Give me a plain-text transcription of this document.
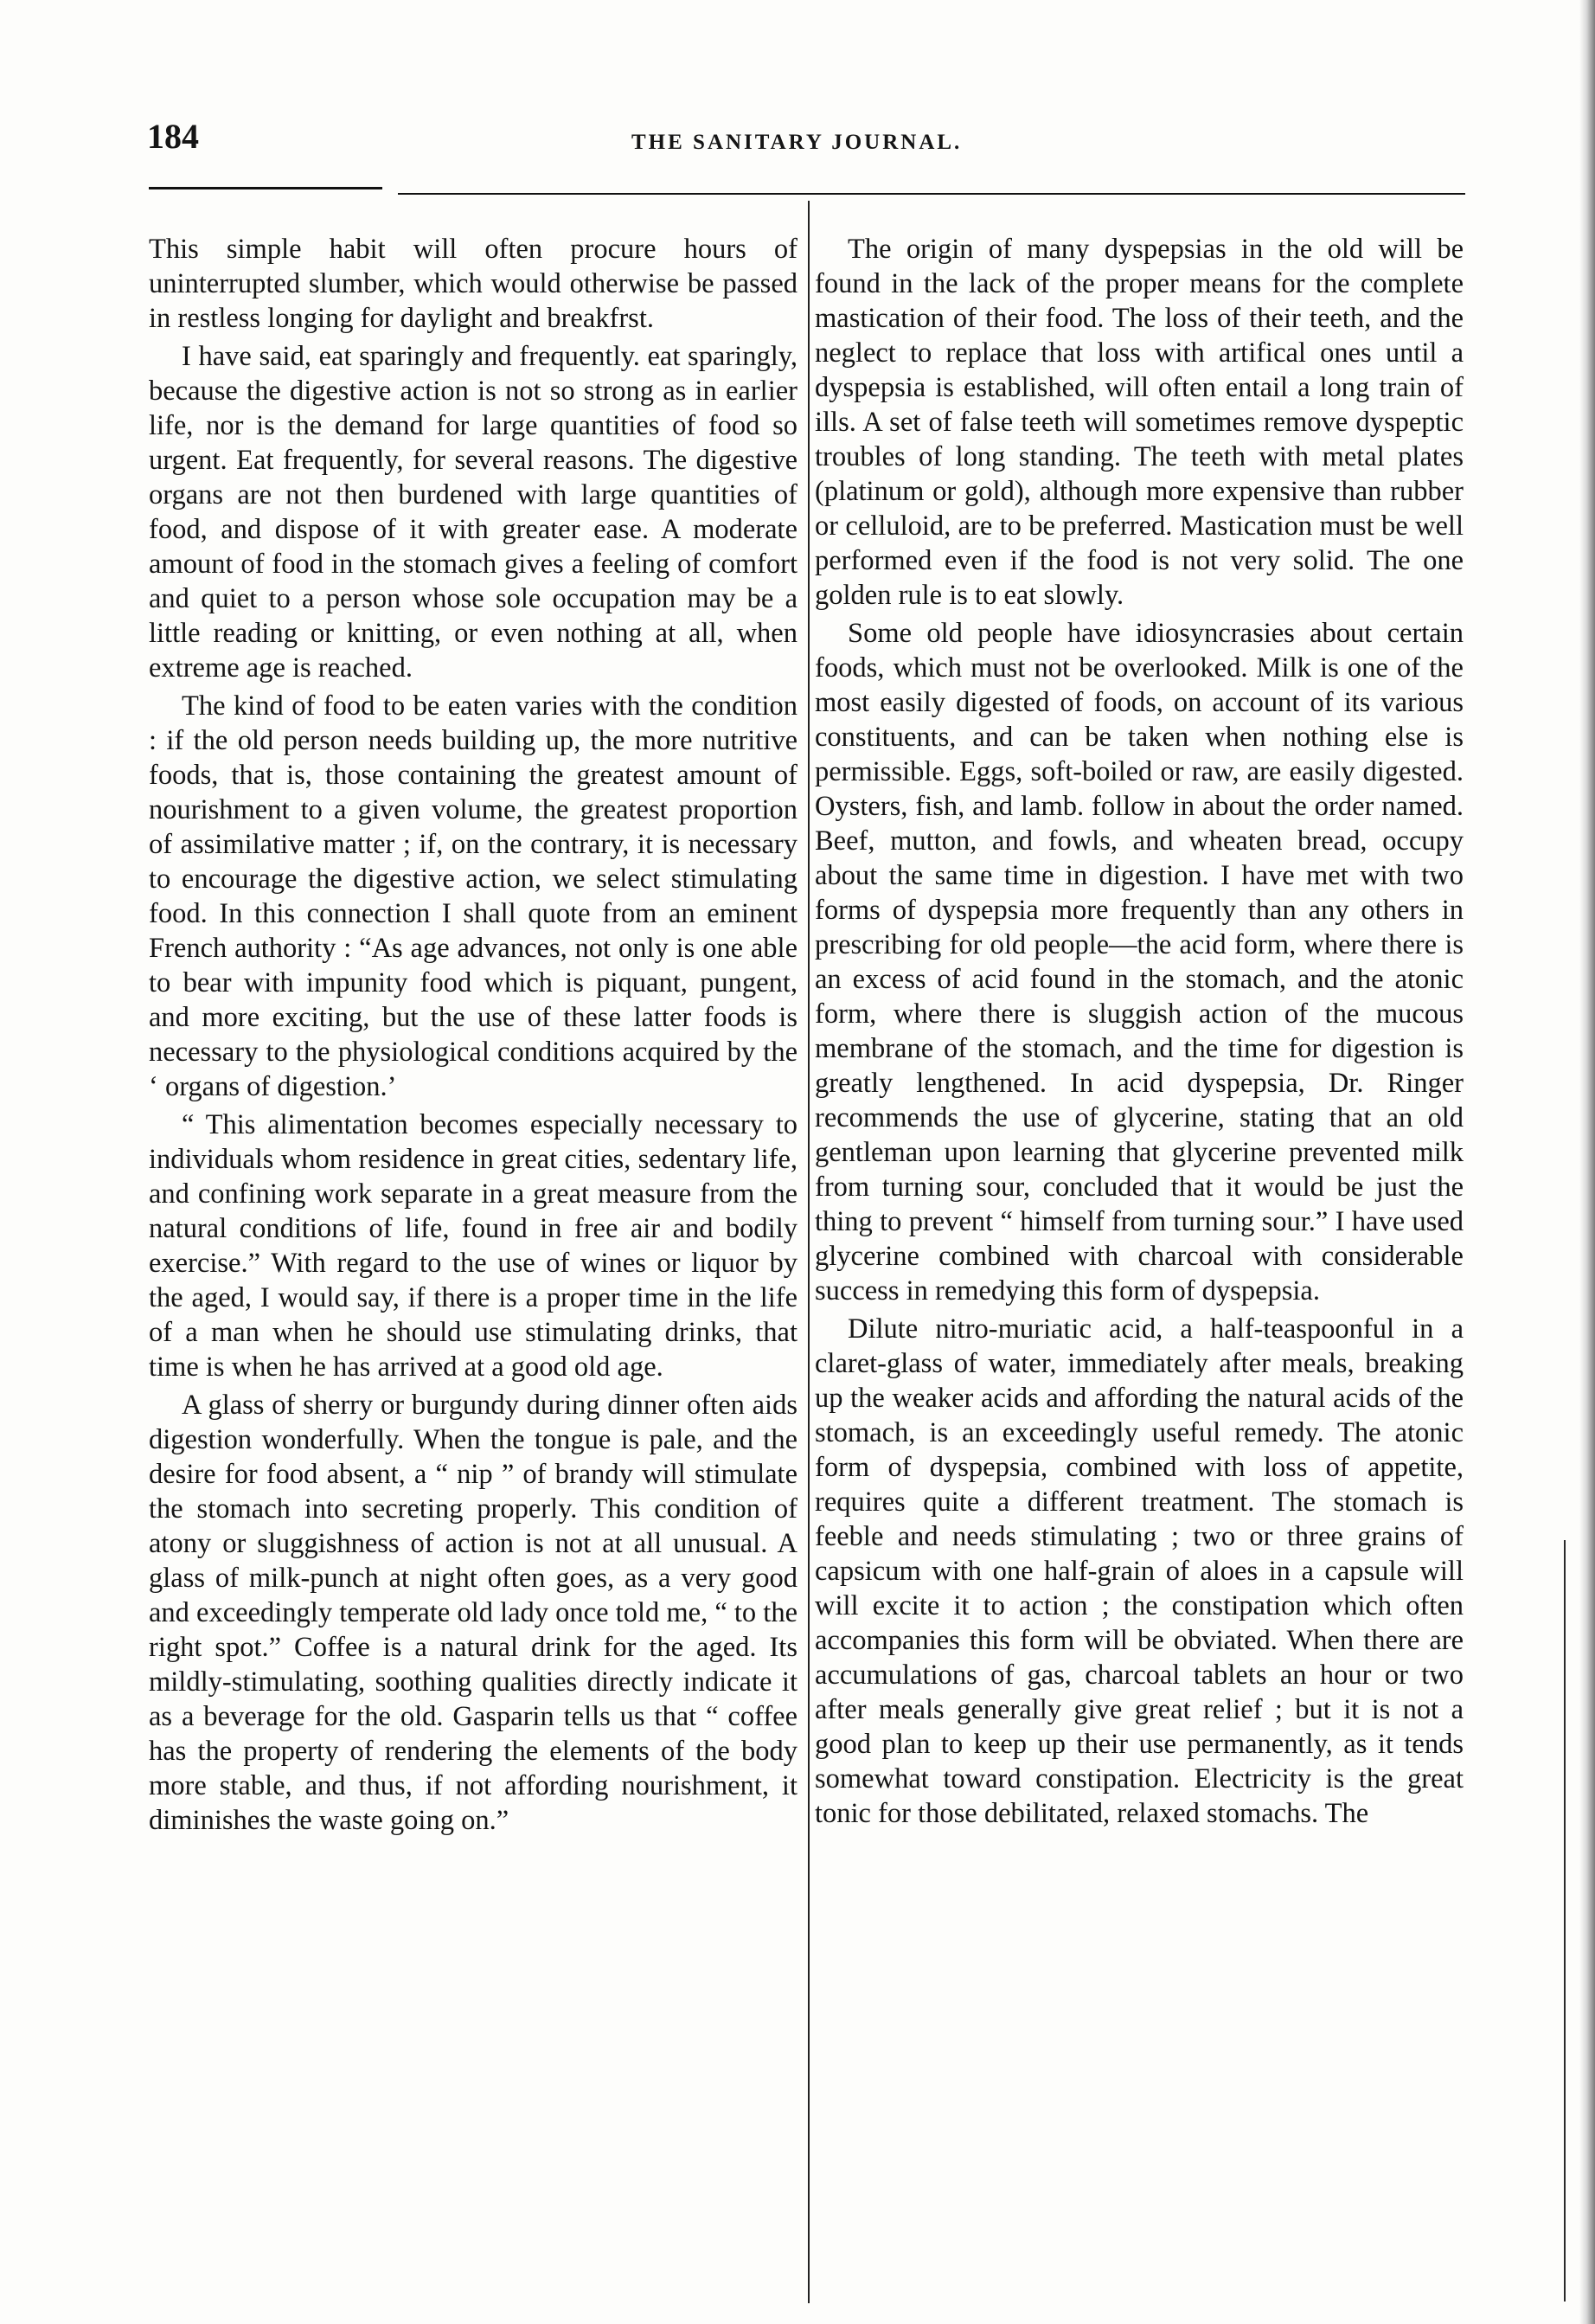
184	THE SANITARY JOURNAL.

This simple habit will often procure hours of uninterrupted slumber, which would otherwise be passed in restless longing for daylight and breakfrst.

I have said, eat sparingly and frequently. eat sparingly, because the digestive action is not so strong as in earlier life, nor is the demand for large quantities of food so urgent. Eat frequently, for several reasons. The digestive organs are not then burdened with large quantities of food, and dispose of it with greater ease. A moderate amount of food in the stomach gives a feeling of comfort and quiet to a person whose sole occupation may be a little reading or knitting, or even nothing at all, when extreme age is reached.

The kind of food to be eaten varies with the condition : if the old person needs building up, the more nutritive foods, that is, those containing the greatest amount of nourishment to a given volume, the greatest proportion of assimilative matter ; if, on the contrary, it is necessary to encourage the digestive action, we select stimulating food. In this connection I shall quote from an eminent French authority : “As age advances, not only is one able to bear with impunity food which is piquant, pungent, and more exciting, but the use of these latter foods is necessary to the physiological conditions acquired by the ‘ organs of digestion.’

“ This alimentation becomes especially necessary to individuals whom residence in great cities, sedentary life, and confining work separate in a great measure from the natural conditions of life, found in free air and bodily exercise.” With regard to the use of wines or liquor by the aged, I would say, if there is a proper time in the life of a man when he should use stimulating drinks, that time is when he has arrived at a good old age.

A glass of sherry or burgundy during dinner often aids digestion wonderfully. When the tongue is pale, and the desire for food absent, a “ nip ” of brandy will stimulate the stomach into secreting properly. This condition of atony or sluggishness of action is not at all unusual. A glass of milk-punch at night often goes, as a very good and exceedingly temperate old lady once told me, “ to the right spot.” Coffee is a natural drink for the aged. Its mildly-stimulating, soothing qualities directly indicate it as a beverage for the old. Gasparin tells us that “ coffee has the property of rendering the elements of the body more stable, and thus, if not affording nourishment, it diminishes the waste going on.”

The origin of many dyspepsias in the old will be found in the lack of the proper means for the complete mastication of their food. The loss of their teeth, and the neglect to replace that loss with artifical ones until a dyspepsia is established, will often entail a long train of ills. A set of false teeth will sometimes remove dyspeptic troubles of long standing. The teeth with metal plates (platinum or gold), although more expensive than rubber or celluloid, are to be preferred. Mastication must be well performed even if the food is not very solid. The one golden rule is to eat slowly.

Some old people have idiosyncrasies about certain foods, which must not be overlooked. Milk is one of the most easily digested of foods, on account of its various constituents, and can be taken when nothing else is permissible. Eggs, soft-boiled or raw, are easily digested. Oysters, fish, and lamb. follow in about the order named. Beef, mutton, and fowls, and wheaten bread, occupy about the same time in digestion. I have met with two forms of dyspepsia more frequently than any others in prescribing for old people—the acid form, where there is an excess of acid found in the stomach, and the atonic form, where there is sluggish action of the mucous membrane of the stomach, and the time for digestion is greatly lengthened. In acid dyspepsia, Dr. Ringer recommends the use of glycerine, stating that an old gentleman upon learning that glycerine prevented milk from turning sour, concluded that it would be just the thing to prevent “ himself from turning sour.” I have used glycerine combined with charcoal with considerable success in remedying this form of dyspepsia.

Dilute nitro-muriatic acid, a half-teaspoonful in a claret-glass of water, immediately after meals, breaking up the weaker acids and affording the natural acids of the stomach, is an exceedingly useful remedy. The atonic form of dyspepsia, combined with loss of appetite, requires quite a different treatment. The stomach is feeble and needs stimulating ; two or three grains of capsicum with one half-grain of aloes in a capsule will will excite it to action ; the constipation which often accompanies this form will be obviated. When there are accumulations of gas, charcoal tablets an hour or two after meals generally give great relief ; but it is not a good plan to keep up their use permanently, as it tends somewhat toward constipation. Electricity is the great tonic for those debilitated, relaxed stomachs. The
